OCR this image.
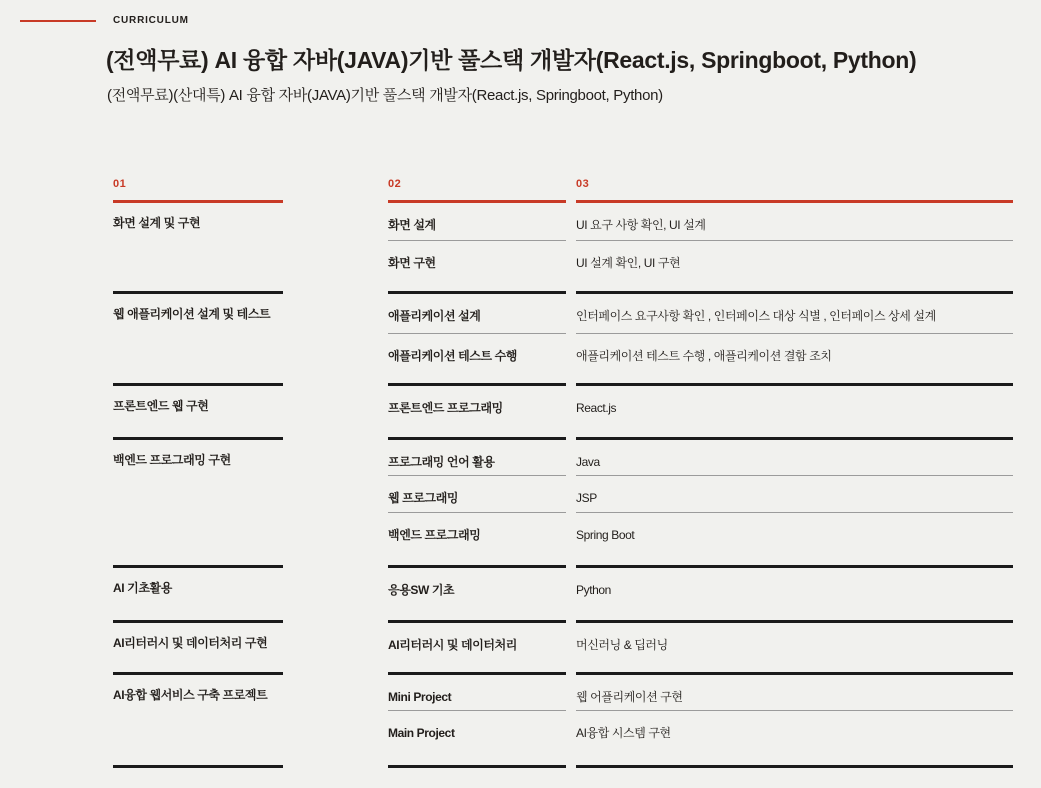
CURRICULUM
(전액무료) AI 융합 자바(JAVA)기반 풀스택 개발자(React.js, Springboot, Python)
(전액무료)(산대특) AI 융합 자바(JAVA)기반 풀스택 개발자(React.js, Springboot, Python)
01
화면 설계 및 구현
웹 애플리케이션 설계 및 테스트
프론트엔드 웹 구현
백엔드 프로그래밍 구현
AI 기초활용
AI리터러시 및 데이터처리 구현
AI융합 웹서비스 구축 프로젝트
02
화면 설계
화면 구현
애플리케이션 설계
애플리케이션 테스트 수행
프론트엔드 프로그래밍
프로그래밍 언어 활용
웹 프로그래밍
백엔드 프로그래밍
응용SW 기초
AI리터러시 및 데이터처리
Mini Project
Main Project
03
UI 요구 사항 확인, UI 설계
UI 설계 확인, UI 구현
인터페이스 요구사항 확인 , 인터페이스 대상 식별 , 인터페이스 상세 설계
애플리케이션 테스트 수행 , 애플리케이션 결함 조치
React.js
Java
JSP
Spring Boot
Python
머신러닝 & 딥러닝
웹 어플리케이션 구현
AI융합 시스템 구현
